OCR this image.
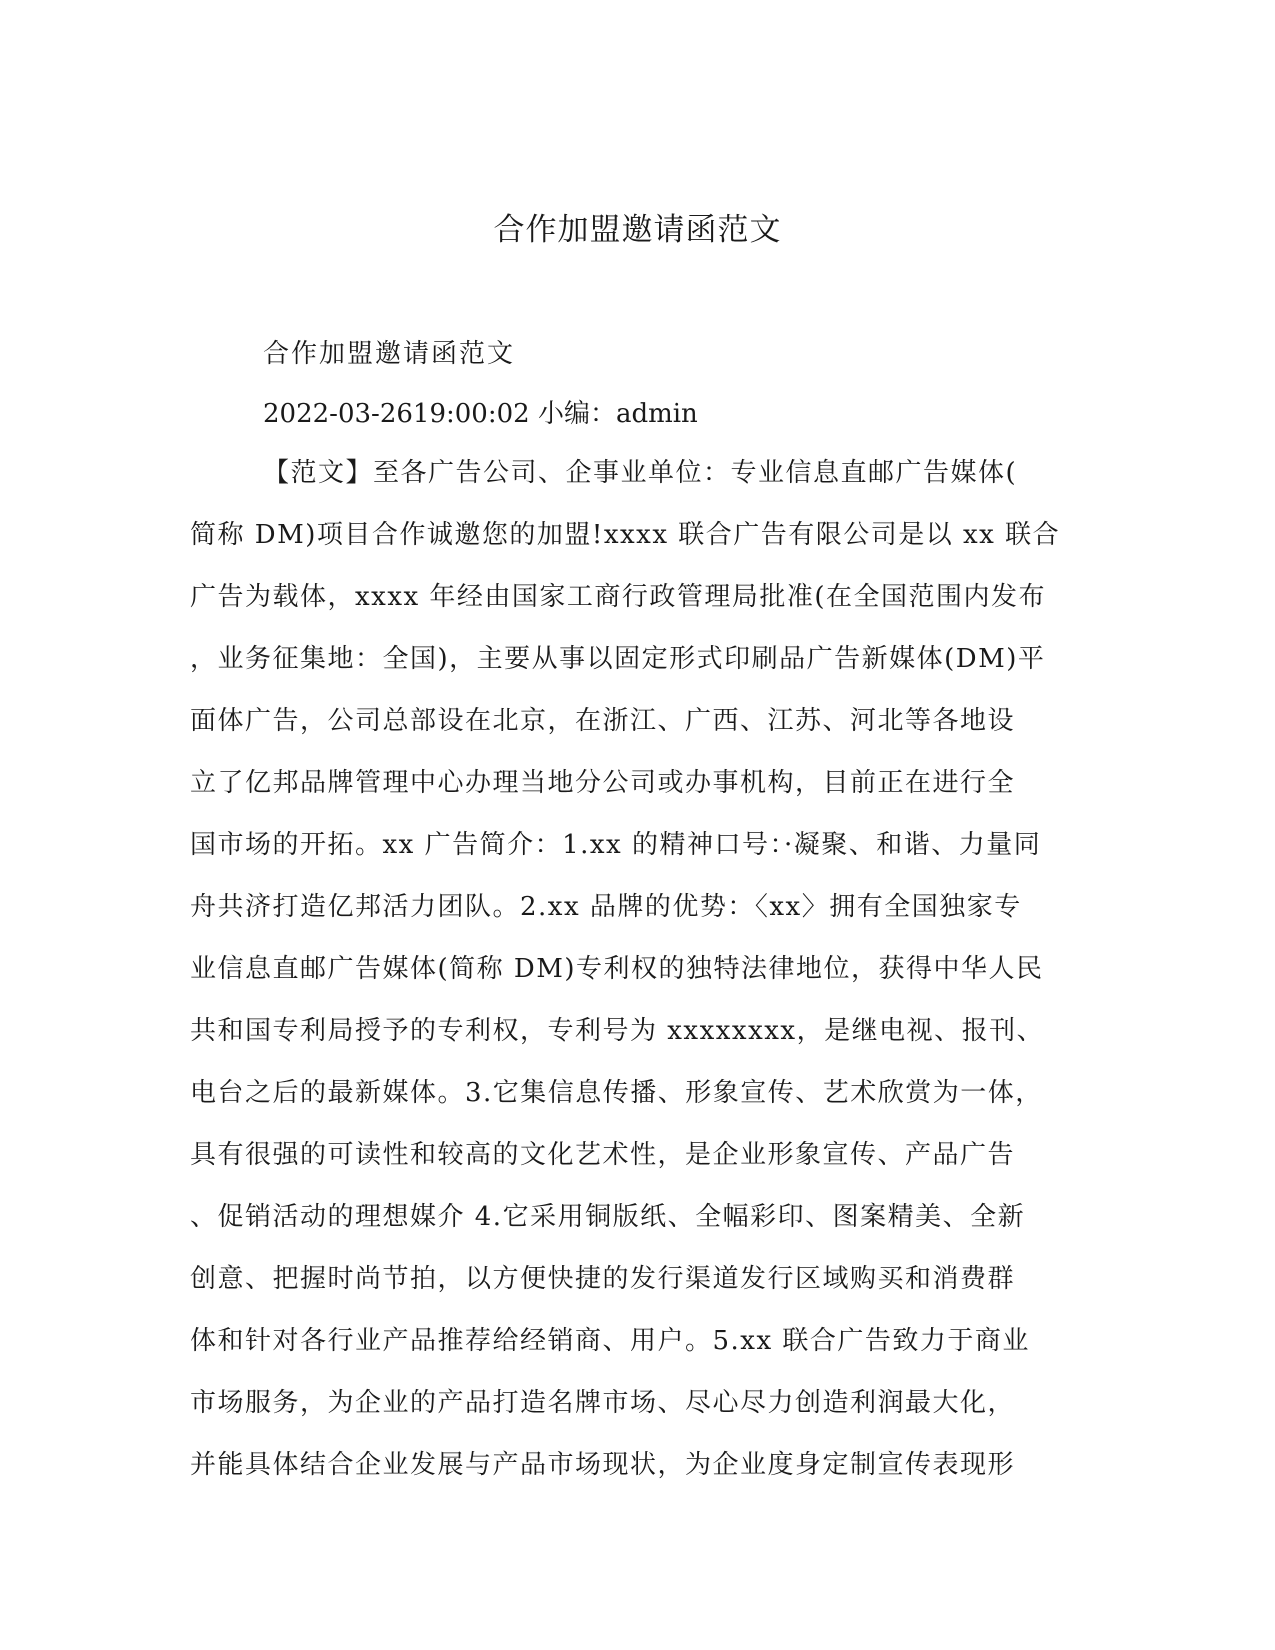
合作加盟邀请函范文
合作加盟邀请函范文
2022-03-2619:00:02 小编：admin
【范文】至各广告公司、企事业单位：专业信息直邮广告媒体(
简称 DM)项目合作诚邀您的加盟!xxxx 联合广告有限公司是以 xx 联合
广告为载体，xxxx 年经由国家工商行政管理局批准(在全国范围内发布
，业务征集地：全国)，主要从事以固定形式印刷品广告新媒体(DM)平
面体广告，公司总部设在北京，在浙江、广西、江苏、河北等各地设
立了亿邦品牌管理中心办理当地分公司或办事机构，目前正在进行全
国市场的开拓。xx 广告简介：1.xx 的精神口号：·凝聚、和谐、力量同
舟共济打造亿邦活力团队。2.xx 品牌的优势：〈xx〉拥有全国独家专
业信息直邮广告媒体(简称 DM)专利权的独特法律地位，获得中华人民
共和国专利局授予的专利权，专利号为 xxxxxxxx，是继电视、报刊、
电台之后的最新媒体。3.它集信息传播、形象宣传、艺术欣赏为一体，
具有很强的可读性和较高的文化艺术性，是企业形象宣传、产品广告
、促销活动的理想媒介 4.它采用铜版纸、全幅彩印、图案精美、全新
创意、把握时尚节拍，以方便快捷的发行渠道发行区域购买和消费群
体和针对各行业产品推荐给经销商、用户。5.xx 联合广告致力于商业
市场服务，为企业的产品打造名牌市场、尽心尽力创造利润最大化，
并能具体结合企业发展与产品市场现状，为企业度身定制宣传表现形
